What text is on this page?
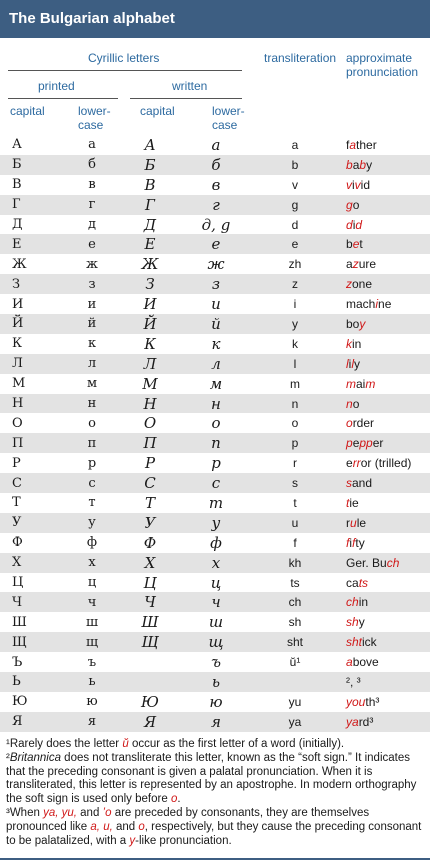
The Bulgarian alphabet
Cyrillic letters
printed	written
capital	lower-
case
capital	lower-
case
transliteration approximate
pronunciation
А	а	А	а	a	father
Б	б	Б	б	b	baby
В	в	В	в	v	vivid
Г	г	Г	г	g	go
Д	д	Д	д, g	d	did
Е	е	Е	е	e	bet
Ж	ж	Ж	ж	zh	azure
З	з	З	з	z	zone
И	и	И	и	i	machine
Й	й	Й	й	y	boy
К	к	К	к	k	kin
Л	л	Л	л	l	lily
М	м	М	м	m	maim
Н	н	Н	н	n	no
О	о	О	о	o	order
П	п	П	п	p	pepper
Р	р	Р	р	r	error (trilled)
С	с	С	с	s	sand
Т	т	Т	т	t	tie
У	у	У	у	u	rule
Ф	ф	Ф	ф	f	fifty
Х	х	Х	х	kh	Ger. Buch
Ц	ц	Ц	ц	ts	cats
Ч	ч	Ч	ч	ch	chin
Ш	ш	Ш	ш	sh	shy
Щ	щ	Щ	щ	sht	shtick
Ъ	ъ		ъ	ŭ¹	above
Ь	ь		ь		², ³
Ю	ю	Ю	ю	yu	youth³
Я	я	Я	я	ya	yard³

¹Rarely does the letter ŭ occur as the first letter of a word (initially).

²Britannica does not transliterate this letter, known as the “soft sign.” It indicates that the preceding consonant is given a palatal pronunciation. When it is transliterated, this letter is represented by an apostrophe. In modern orthography the soft sign is used only before o.

³When ya, yu, and ’o are preceded by consonants, they are themselves pronounced like a, u, and o, respectively, but they cause the preceding consonant to be palatalized, with a y-like pronunciation.
